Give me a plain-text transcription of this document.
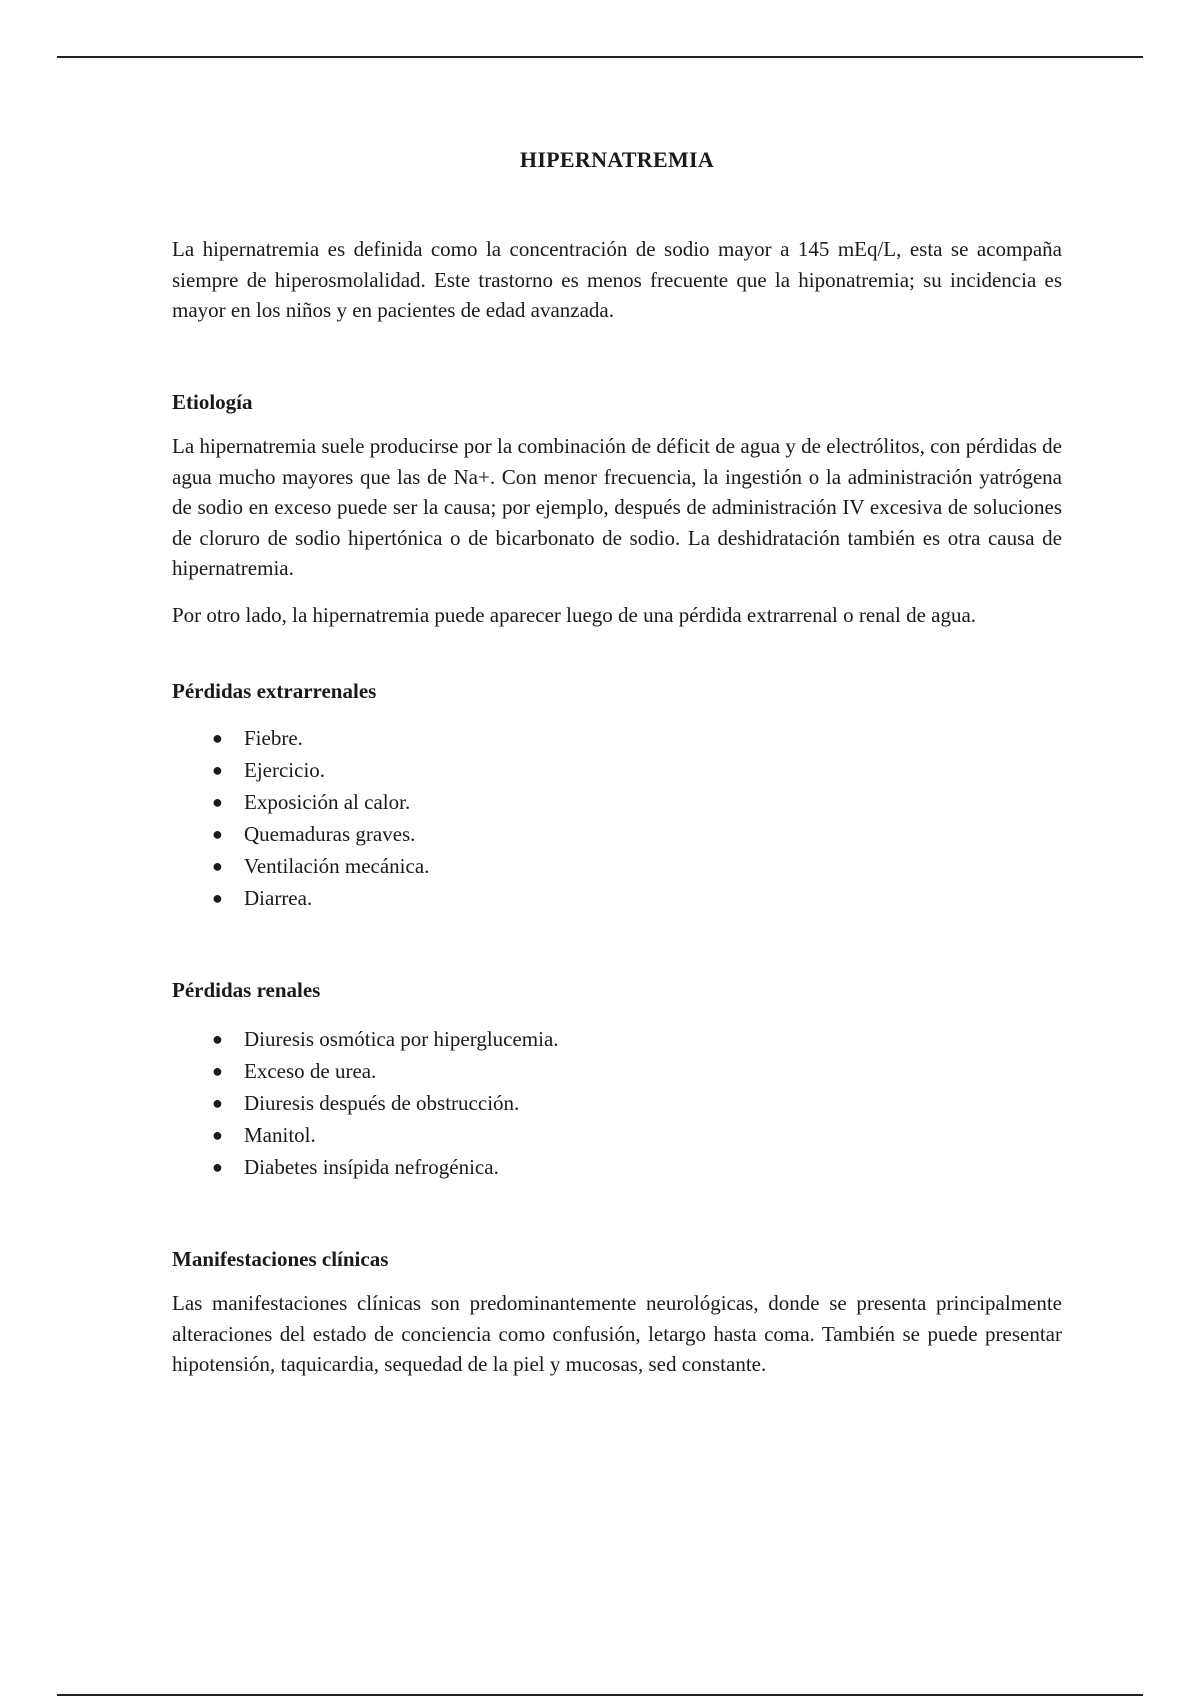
HIPERNATREMIA

La hipernatremia es definida como la concentración de sodio mayor a 145 mEq/L, esta se acompaña siempre de hiperosmolalidad. Este trastorno es menos frecuente que la hiponatremia; su incidencia es mayor en los niños y en pacientes de edad avanzada.

Etiología

La hipernatremia suele producirse por la combinación de déficit de agua y de electrólitos, con pérdidas de agua mucho mayores que las de Na+. Con menor frecuencia, la ingestión o la administración yatrógena de sodio en exceso puede ser la causa; por ejemplo, después de administración IV excesiva de soluciones de cloruro de sodio hipertónica o de bicarbonato de sodio. La deshidratación también es otra causa de hipernatremia.

Por otro lado, la hipernatremia puede aparecer luego de una pérdida extrarrenal o renal de agua.

Pérdidas extrarrenales
● Fiebre.
● Ejercicio.
● Exposición al calor.
● Quemaduras graves.
● Ventilación mecánica.
● Diarrea.
Pérdidas renales
● Diuresis osmótica por hiperglucemia.
● Exceso de urea.
● Diuresis después de obstrucción.
● Manitol.
● Diabetes insípida nefrogénica.
Manifestaciones clínicas

Las manifestaciones clínicas son predominantemente neurológicas, donde se presenta principalmente alteraciones del estado de conciencia como confusión, letargo hasta coma. También se puede presentar hipotensión, taquicardia, sequedad de la piel y mucosas, sed constante.
